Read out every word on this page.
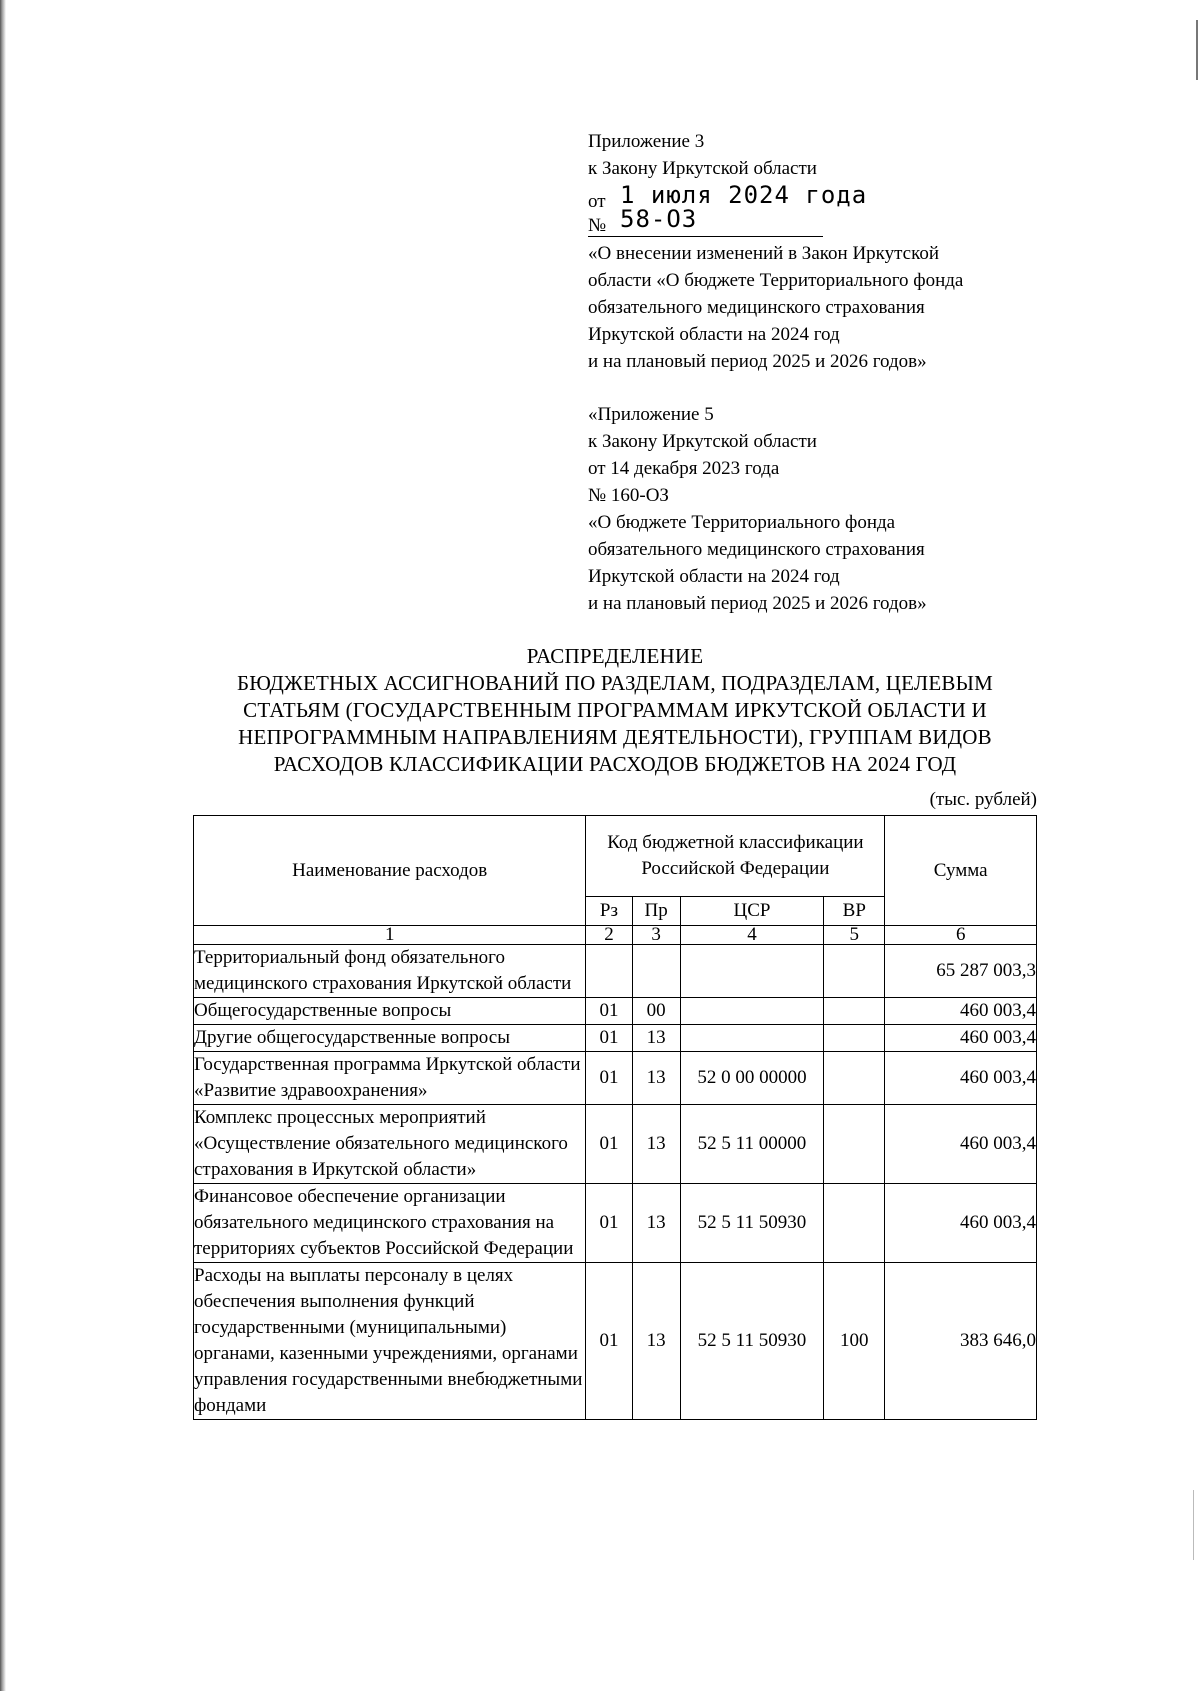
Приложение 3
к Закону Иркутской области
от 1 июля 2024 года
№ 58-ОЗ
«О внесении изменений в Закон Иркутской
области «О бюджете Территориального фонда
обязательного медицинского страхования
Иркутской области на 2024 год
и на плановый период 2025 и 2026 годов»
«Приложение 5
к Закону Иркутской области
от 14 декабря 2023 года
№ 160-ОЗ
«О бюджете Территориального фонда
обязательного медицинского страхования
Иркутской области на 2024 год
и на плановый период 2025 и 2026 годов»
РАСПРЕДЕЛЕНИЕ
БЮДЖЕТНЫХ АССИГНОВАНИЙ ПО РАЗДЕЛАМ, ПОДРАЗДЕЛАМ, ЦЕЛЕВЫМ
СТАТЬЯМ (ГОСУДАРСТВЕННЫМ ПРОГРАММАМ ИРКУТСКОЙ ОБЛАСТИ И
НЕПРОГРАММНЫМ НАПРАВЛЕНИЯМ ДЕЯТЕЛЬНОСТИ), ГРУППАМ ВИДОВ
РАСХОДОВ КЛАССИФИКАЦИИ РАСХОДОВ БЮДЖЕТОВ НА 2024 ГОД
(тыс. рублей)
Наименование расходов	Код бюджетной классификации Российской Федерации				Сумма
	Рз	Пр	ЦСР	ВР	
1	2	3	4	5	6
Территориальный фонд обязательного медицинского страхования Иркутской области					65 287 003,3
Общегосударственные вопросы	01	00			460 003,4
Другие общегосударственные вопросы	01	13			460 003,4
Государственная программа Иркутской области «Развитие здравоохранения»	01	13	52 0 00 00000		460 003,4
Комплекс процессных мероприятий «Осуществление обязательного медицинского страхования в Иркутской области»	01	13	52 5 11 00000		460 003,4
Финансовое обеспечение организации обязательного медицинского страхования на территориях субъектов Российской Федерации	01	13	52 5 11 50930		460 003,4
Расходы на выплаты персоналу в целях обеспечения выполнения функций государственными (муниципальными) органами, казенными учреждениями, органами управления государственными внебюджетными фондами	01	13	52 5 11 50930	100	383 646,0
